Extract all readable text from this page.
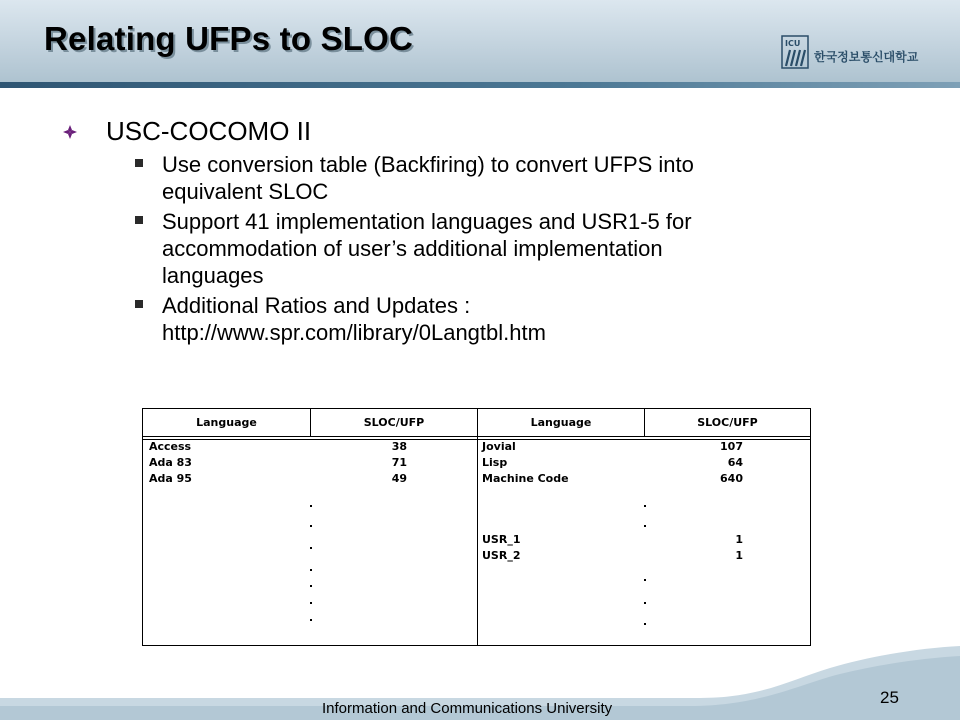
Relating UFPs to SLOC	ICU
한국정보통신대학교
USC-COCOMO II

Use conversion table (Backfiring) to convert UFPS into
equivalent SLOC

Support 41 implementation languages and USR1-5 for
accommodation of user’s additional implementation
languages

Additional Ratios and Updates :
http://www.spr.com/library/0Langtbl.htm

Language	SLOC/UFP	Language	SLOC/UFP
Access	38
Ada 83	71
Ada 95	49
Jovial	107
Lisp	64
Machine Code	640
USR_1	1
USR_2	1
Information and Communications University
25
